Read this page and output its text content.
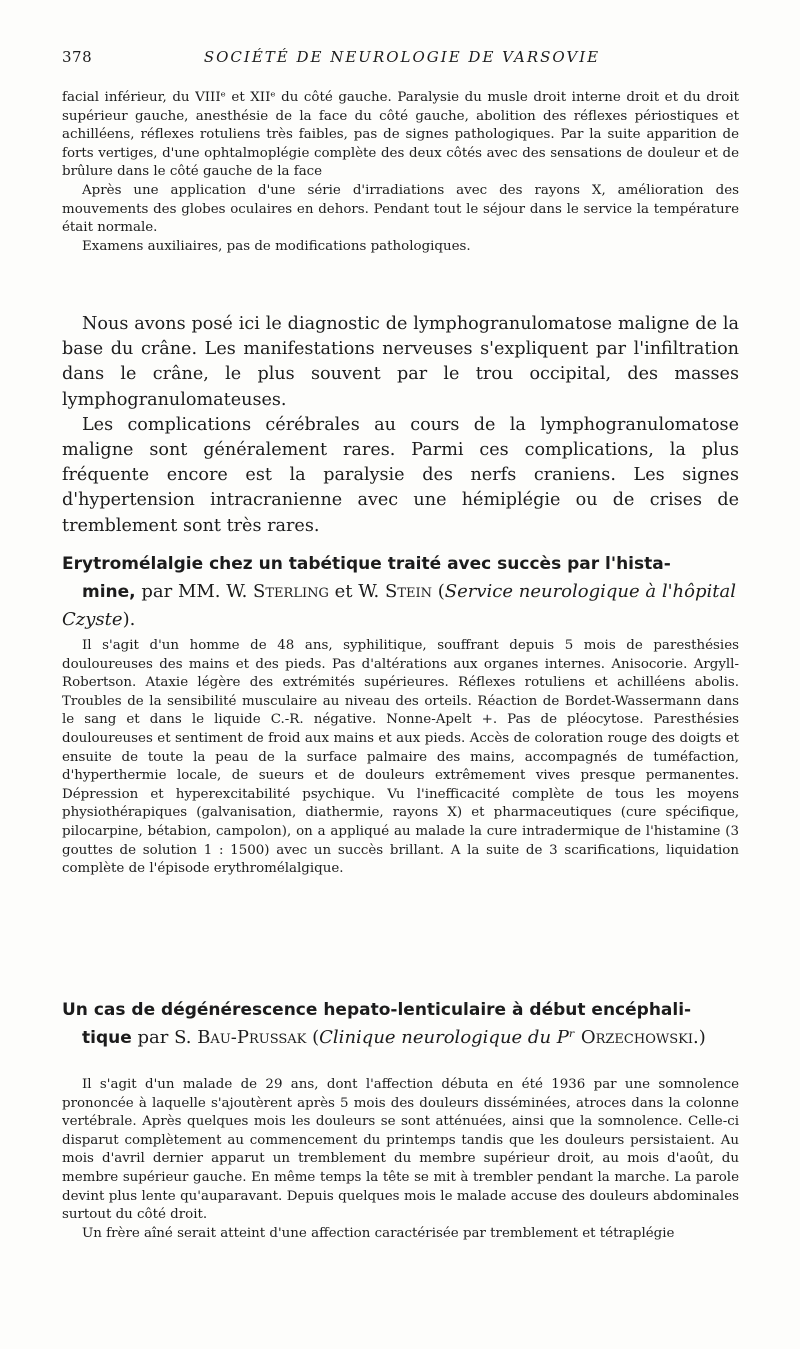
378	SOCIÉTÉ DE NEUROLOGIE DE VARSOVIE

facial inférieur, du VIIIᵉ et XIIᵉ du côté gauche. Paralysie du musle droit interne droit et du droit supérieur gauche, anesthésie de la face du côté gauche, abolition des réflexes périostiques et achilléens, réflexes rotuliens très faibles, pas de signes pathologiques. Par la suite apparition de forts vertiges, d'une ophtalmoplégie complète des deux côtés avec des sensations de douleur et de brûlure dans le côté gauche de la face

Après une application d'une série d'irradiations avec des rayons X, amélioration des mouvements des globes oculaires en dehors. Pendant tout le séjour dans le service la température était normale.

Examens auxiliaires, pas de modifications pathologiques.

Nous avons posé ici le diagnostic de lymphogranulomatose maligne de la base du crâne. Les manifestations nerveuses s'expliquent par l'infiltration dans le crâne, le plus souvent par le trou occipital, des masses lymphogranulomateuses.

Les complications cérébrales au cours de la lymphogranulomatose maligne sont généralement rares. Parmi ces complications, la plus fréquente encore est la paralysie des nerfs craniens. Les signes d'hypertension intracranienne avec une hémiplégie ou de crises de tremblement sont très rares.

Erytromélalgie chez un tabétique traité avec succès par l'hista-
mine, par MM. W. Sterling et W. Stein (Service neurologique à l'hôpital Czyste).

Il s'agit d'un homme de 48 ans, syphilitique, souffrant depuis 5 mois de paresthésies douloureuses des mains et des pieds. Pas d'altérations aux organes internes. Anisocorie. Argyll-Robertson. Ataxie légère des extrémités supérieures. Réflexes rotuliens et achilléens abolis. Troubles de la sensibilité musculaire au niveau des orteils. Réaction de Bordet-Wassermann dans le sang et dans le liquide C.-R. négative. Nonne-Apelt +. Pas de pléocytose. Paresthésies douloureuses et sentiment de froid aux mains et aux pieds. Accès de coloration rouge des doigts et ensuite de toute la peau de la surface palmaire des mains, accompagnés de tuméfaction, d'hyperthermie locale, de sueurs et de douleurs extrêmement vives presque permanentes. Dépression et hyperexcitabilité psychique. Vu l'inefficacité complète de tous les moyens physiothérapiques (galvanisation, diathermie, rayons X) et pharmaceutiques (cure spécifique, pilocarpine, bétabion, campolon), on a appliqué au malade la cure intradermique de l'histamine (3 gouttes de solution 1 : 1500) avec un succès brillant. A la suite de 3 scarifications, liquidation complète de l'épisode erythromélalgique.

Un cas de dégénérescence hepato-lenticulaire à début encéphali-
tique par S. Bau-Prussak (Clinique neurologique du Pʳ Orzechowski.)

Il s'agit d'un malade de 29 ans, dont l'affection débuta en été 1936 par une somnolence prononcée à laquelle s'ajoutèrent après 5 mois des douleurs disséminées, atroces dans la colonne vertébrale. Après quelques mois les douleurs se sont atténuées, ainsi que la somnolence. Celle-ci disparut complètement au commencement du printemps tandis que les douleurs persistaient. Au mois d'avril dernier apparut un tremblement du membre supérieur droit, au mois d'août, du membre supérieur gauche. En même temps la tête se mit à trembler pendant la marche. La parole devint plus lente qu'auparavant. Depuis quelques mois le malade accuse des douleurs abdominales surtout du côté droit.

Un frère aîné serait atteint d'une affection caractérisée par tremblement et tétraplégie
